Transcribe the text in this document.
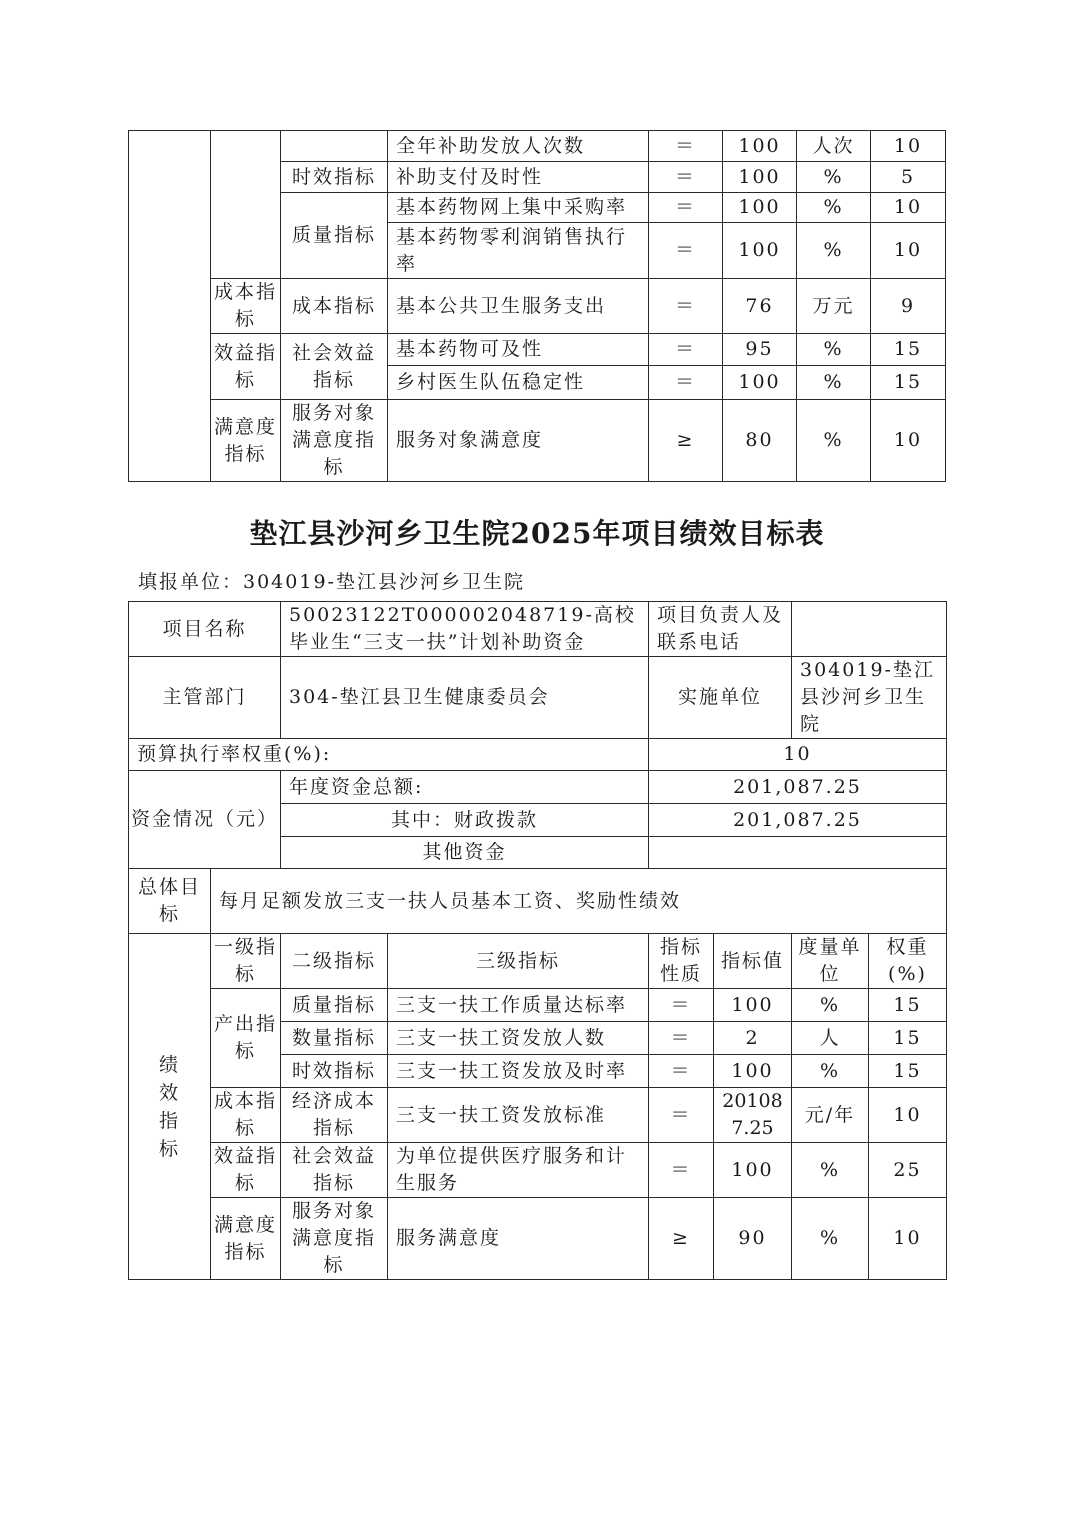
			全年补助发放人次数	＝	100	人次	10
		时效指标	补助支付及时性	＝	100	%	5
		质量指标	基本药物网上集中采购率	＝	100	%	10
			基本药物零利润销售执行率	＝	100	%	10
	成本指标	成本指标	基本公共卫生服务支出	＝	76	万元	9
	效益指标	社会效益指标	基本药物可及性	＝	95	%	15
			乡村医生队伍稳定性	＝	100	%	15
	满意度指标	服务对象满意度指标	服务对象满意度	≥	80	%	10
垫江县沙河乡卫生院2025年项目绩效目标表
填报单位：304019-垫江县沙河乡卫生院
项目名称		50023122T000002048719-高校毕业生“三支一扶”计划补助资金		项目负责人及联系电话			
主管部门		304-垫江县卫生健康委员会		实施单位		304019-垫江县沙河乡卫生院	
预算执行率权重(%):				10			
资金情况（元）		年度资金总额:		201,087.25			
		其中：财政拨款		201,087.25			
		其他资金					
总体目标	每月足额发放三支一扶人员基本工资、奖励性绩效						
绩效指标	一级指标	二级指标	三级指标	指标性质	指标值	度量单位	权重(%)
	产出指标	质量指标	三支一扶工作质量达标率	＝	100	%	15
		数量指标	三支一扶工资发放人数	＝	2	人	15
		时效指标	三支一扶工资发放及时率	＝	100	%	15
	成本指标	经济成本指标	三支一扶工资发放标准	＝	201087.25	元/年	10
	效益指标	社会效益指标	为单位提供医疗服务和计生服务	＝	100	%	25
	满意度指标	服务对象满意度指标	服务满意度	≥	90	%	10
